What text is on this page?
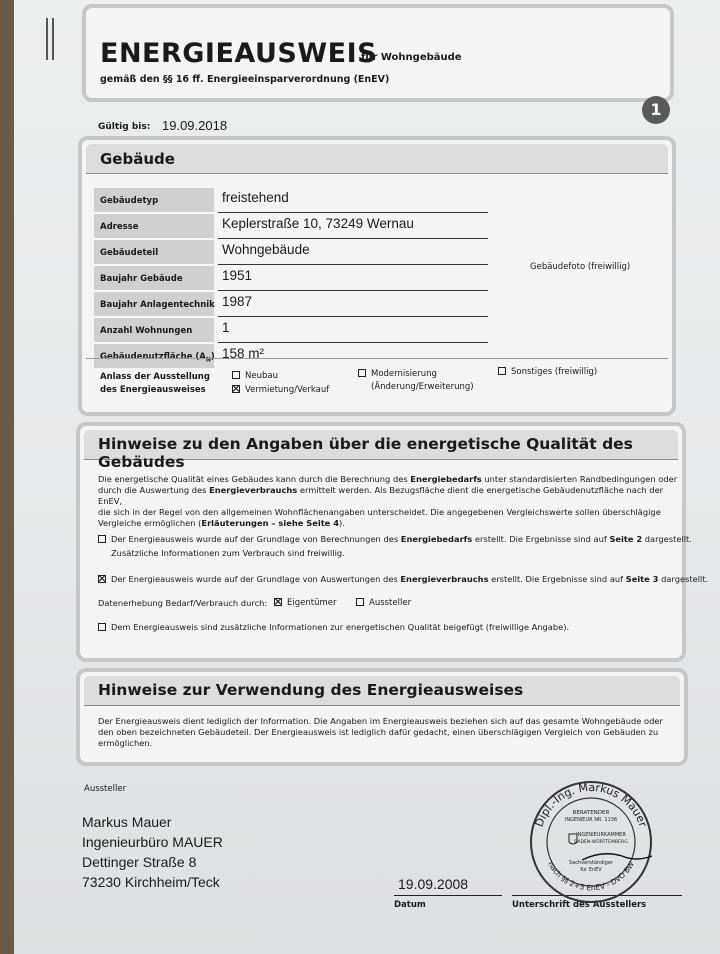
ENERGIEAUSWEIS
für Wohngebäude
gemäß den §§ 16 ff. Energieeinsparverordnung (EnEV)
1
Gültig bis: 19.09.2018
Gebäude
Gebäudetyp	freistehend
Adresse	Keplerstraße 10, 73249 Wernau
Gebäudeteil	Wohngebäude
Baujahr Gebäude	1951
Baujahr Anlagentechnik 1987
Anzahl Wohnungen	1
Gebäudenutzfläche $(A_N)$ 158 m²
Gebäudefoto (freiwillig)
Anlass der Ausstellung
des Energieausweises
Neubau
Vermietung/Verkauf
Modernisierung
(Änderung/Erweiterung)
Sonstiges (freiwillig)
Hinweise zu den Angaben über die energetische Qualität des Gebäudes
Die energetische Qualität eines Gebäudes kann durch die Berechnung des Energiebedarfs unter standardisierten Randbedingungen oder
durch die Auswertung des Energieverbrauchs ermittelt werden. Als Bezugsfläche dient die energetische Gebäudenutzfläche nach der EnEV,
die sich in der Regel von den allgemeinen Wohnflächenangaben unterscheidet. Die angegebenen Vergleichswerte sollen überschlägige
Vergleiche ermöglichen (Erläuterungen – siehe Seite 4).
Der Energieausweis wurde auf der Grundlage von Berechnungen des Energiebedarfs erstellt. Die Ergebnisse sind auf Seite 2 dargestellt.
Zusätzliche Informationen zum Verbrauch sind freiwillig.
Der Energieausweis wurde auf der Grundlage von Auswertungen des Energieverbrauchs erstellt. Die Ergebnisse sind auf Seite 3 dargestellt.
Datenerhebung Bedarf/Verbrauch durch:	Eigentümer	Aussteller
Dem Energieausweis sind zusätzliche Informationen zur energetischen Qualität beigefügt (freiwillige Angabe).
Hinweise zur Verwendung des Energieausweises
Der Energieausweis dient lediglich der Information. Die Angaben im Energieausweis beziehen sich auf das gesamte Wohngebäude oder
den oben bezeichneten Gebäudeteil. Der Energieausweis ist lediglich dafür gedacht, einen überschlägigen Vergleich von Gebäuden zu
ermöglichen.
Aussteller
Markus Mauer
Ingenieurbüro MAUER
Dettinger Straße 8
73230 Kirchheim/Teck	19.09.2008
Datum	Unterschrift des Ausstellers
Dipl.-Ing. Markus Mauer
nach §§ 2+3 EnEV - DVO BW
BERATENDER
INGENIEUR NR. 1136
INGENIEURKAMMER
BADEN-WÜRTTEMBERG
Sachverständiger
für EnEV
